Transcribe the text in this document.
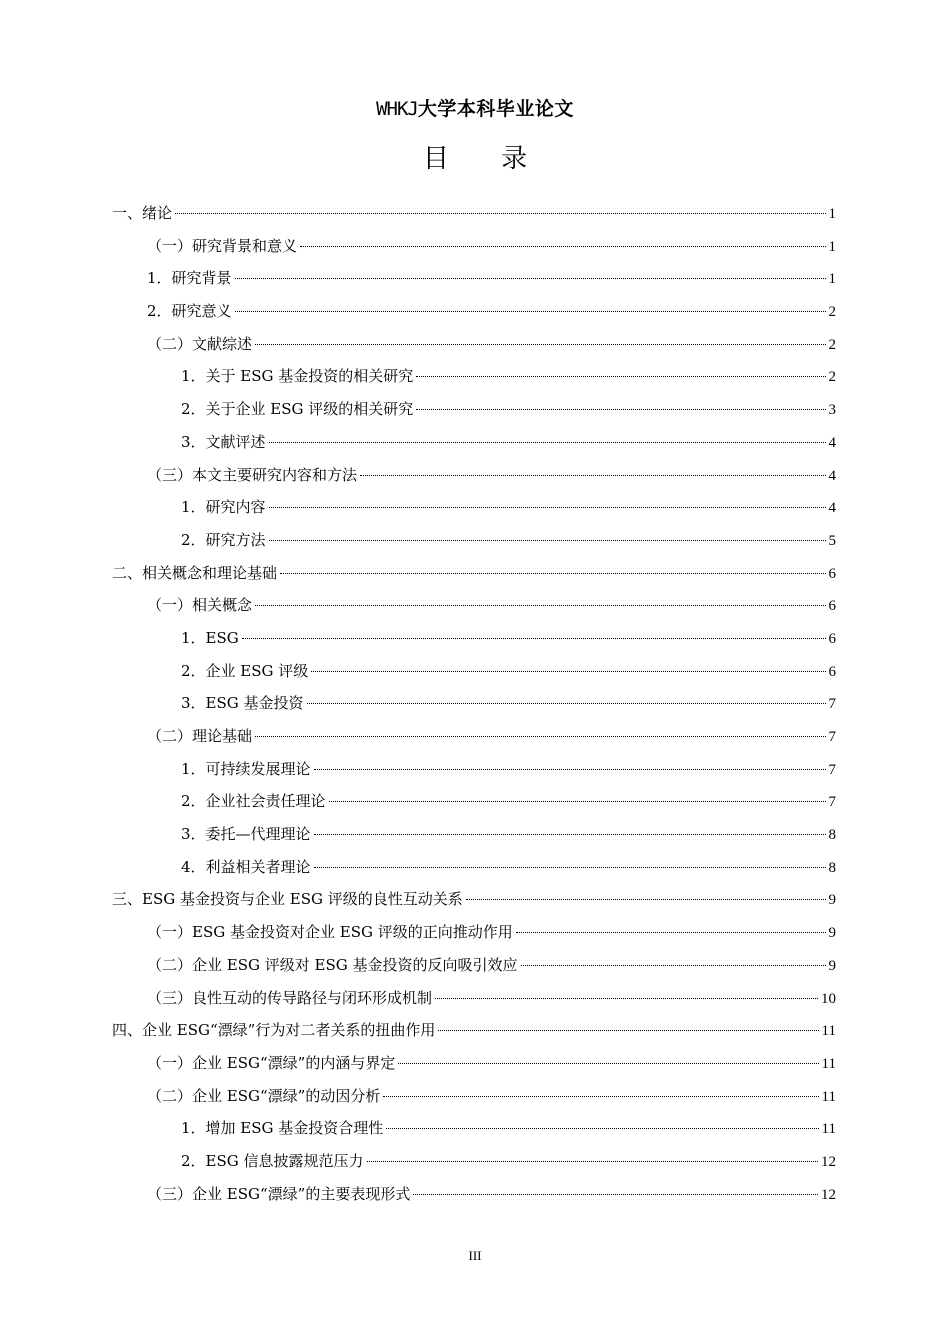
WHKJ大学本科毕业论文
目 录
一、绪论	1
（一）研究背景和意义	1
1．研究背景	1
2．研究意义	2
（二）文献综述	2
1．关于 ESG 基金投资的相关研究	2
2．关于企业 ESG 评级的相关研究	3
3．文献评述	4
（三）本文主要研究内容和方法	4
1．研究内容	4
2．研究方法	5
二、相关概念和理论基础	6
（一）相关概念	6
1．ESG	6
2．企业 ESG 评级	6
3．ESG 基金投资	7
（二）理论基础	7
1．可持续发展理论	7
2．企业社会责任理论	7
3．委托—代理理论	8
4．利益相关者理论	8
三、ESG 基金投资与企业 ESG 评级的良性互动关系	9
（一）ESG 基金投资对企业 ESG 评级的正向推动作用	9
（二）企业 ESG 评级对 ESG 基金投资的反向吸引效应	9
（三）良性互动的传导路径与闭环形成机制	10
四、企业 ESG“漂绿”行为对二者关系的扭曲作用	11
（一）企业 ESG“漂绿”的内涵与界定	11
（二）企业 ESG“漂绿”的动因分析	11
1．增加 ESG 基金投资合理性	11
2．ESG 信息披露规范压力	12
（三）企业 ESG“漂绿”的主要表现形式	12
III
